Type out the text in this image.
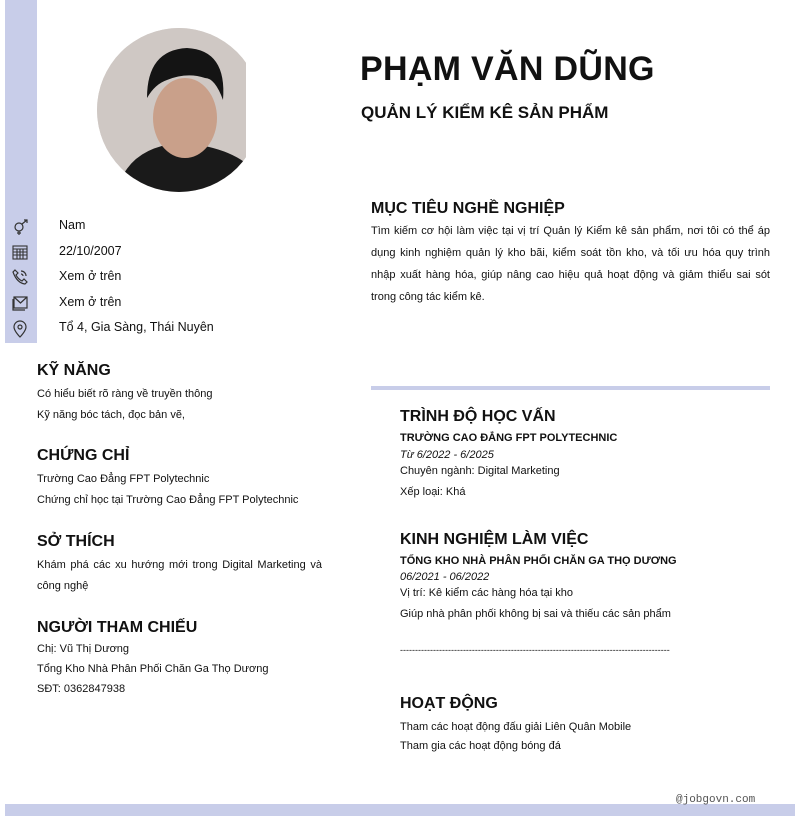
PHẠM VĂN DŨNG
QUẢN LÝ KIỂM KÊ SẢN PHẨM
Nam
22/10/2007
Xem ở trên
Xem ở trên
Tổ 4, Gia Sàng, Thái Nuyên
KỸ NĂNG
Có hiểu biết rõ ràng về truyền thông
Kỹ năng bóc tách, đọc bản vẽ,
CHỨNG CHỈ
Trường Cao Đẳng FPT Polytechnic
Chứng chỉ học tại Trường Cao Đẳng FPT Polytechnic
SỞ THÍCH
Khám phá các xu hướng mới trong Digital Marketing và công nghệ
NGƯỜI THAM CHIẾU
Chị: Vũ Thị Dương
Tổng Kho Nhà Phân Phối Chăn Ga Thọ Dương
SĐT: 0362847938
MỤC TIÊU NGHỀ NGHIỆP
Tìm kiếm cơ hội làm việc tại vị trí Quản lý Kiểm kê sản phẩm, nơi tôi có thể áp dụng kinh nghiệm quản lý kho bãi, kiểm soát tồn kho, và tối ưu hóa quy trình nhập xuất hàng hóa, giúp nâng cao hiệu quả hoạt động và giảm thiểu sai sót trong công tác kiểm kê.
TRÌNH ĐỘ HỌC VẤN
TRƯỜNG CAO ĐẲNG FPT POLYTECHNIC
Từ 6/2022 - 6/2025
Chuyên ngành: Digital Marketing
Xếp loại: Khá
KINH NGHIỆM LÀM VIỆC
TỔNG KHO NHÀ PHÂN PHỐI CHĂN GA THỌ DƯƠNG
06/2021 - 06/2022
Vị trí: Kê kiểm các hàng hóa tại kho
Giúp nhà phân phối không bị sai và thiếu các sản phẩm
------------------------------------------------------------------------------------------
HOẠT ĐỘNG
Tham các hoạt động đấu giải Liên Quân Mobile
Tham gia các hoạt động bóng đá
@jobgovn.com
